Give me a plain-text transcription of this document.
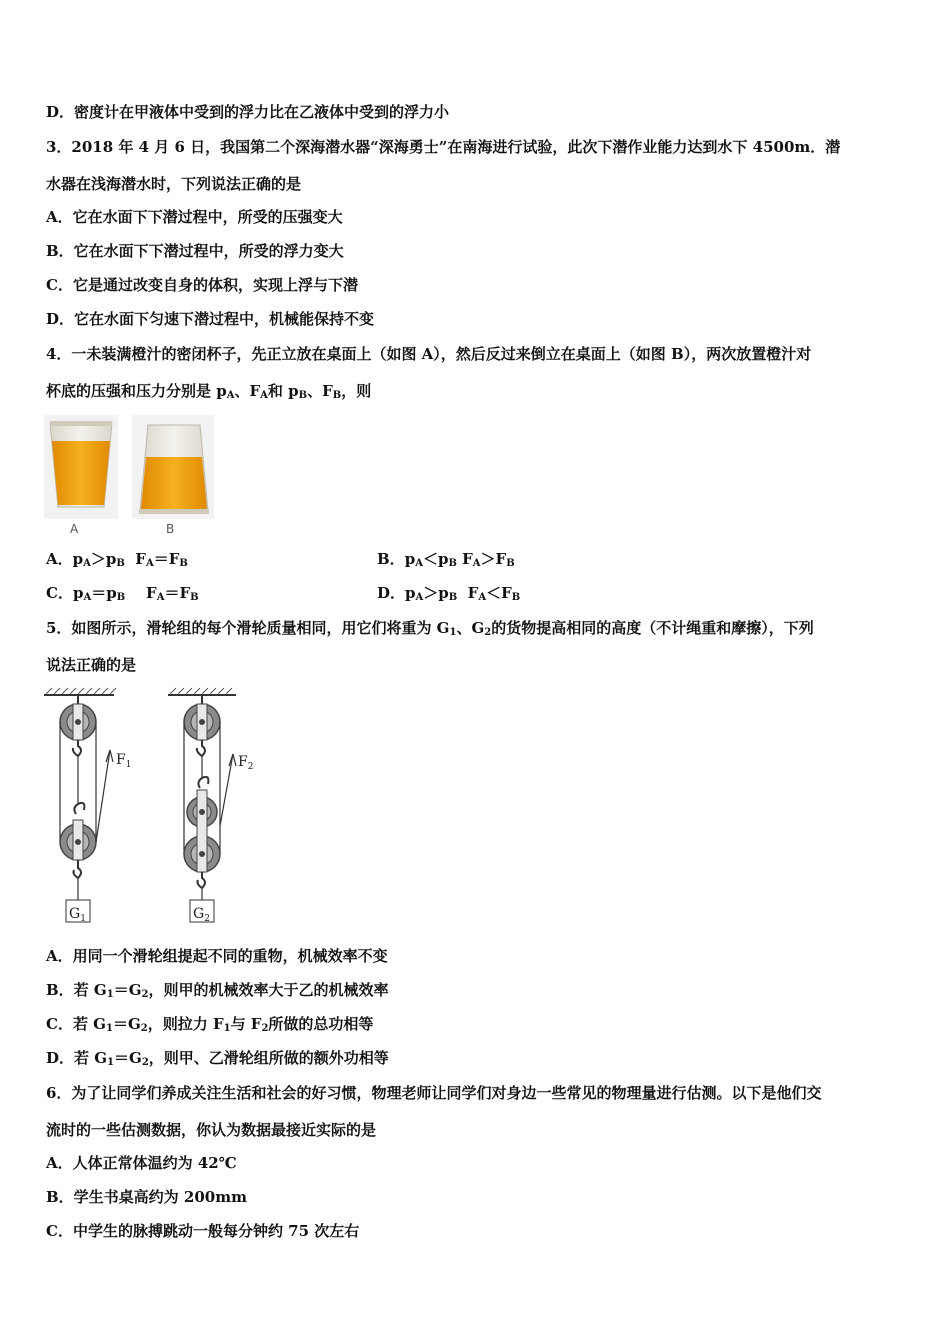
D．密度计在甲液体中受到的浮力比在乙液体中受到的浮力小
3．2018 年 4 月 6 日，我国第二个深海潜水器“深海勇士”在南海进行试验，此次下潜作业能力达到水下 4500m．潜
水器在浅海潜水时，下列说法正确的是
A．它在水面下下潜过程中，所受的压强变大
B．它在水面下下潜过程中，所受的浮力变大
C．它是通过改变自身的体积，实现上浮与下潜
D．它在水面下匀速下潜过程中，机械能保持不变
4．一未装满橙汁的密闭杯子，先正立放在桌面上（如图 A），然后反过来倒立在桌面上（如图 B），两次放置橙汁对
杯底的压强和压力分别是 $p_A$、$F_A$和 $p_B$、$F_B$，则
A	B
A．$p_A>p_B$  $F_A=F_B$	B．$p_A<p_B$ $F_A>F_B$
C．$p_A=p_B$    $F_A=F_B$	D．$p_A>p_B$  $F_A<F_B$
5．如图所示，滑轮组的每个滑轮质量相同，用它们将重为 $G_1$、$G_2$的货物提高相同的高度（不计绳重和摩擦），下列
说法正确的是
$F_1$
$G_1$
$F_2$
$G_2$
A．用同一个滑轮组提起不同的重物，机械效率不变
B．若 $G_1=G_2$，则甲的机械效率大于乙的机械效率
C．若 $G_1=G_2$，则拉力 $F_1$与 $F_2$所做的总功相等
D．若 $G_1=G_2$，则甲、乙滑轮组所做的额外功相等
6．为了让同学们养成关注生活和社会的好习惯，物理老师让同学们对身边一些常见的物理量进行估测。以下是他们交
流时的一些估测数据，你认为数据最接近实际的是
A．人体正常体温约为 42℃
B．学生书桌高约为 200mm
C．中学生的脉搏跳动一般每分钟约 75 次左右
